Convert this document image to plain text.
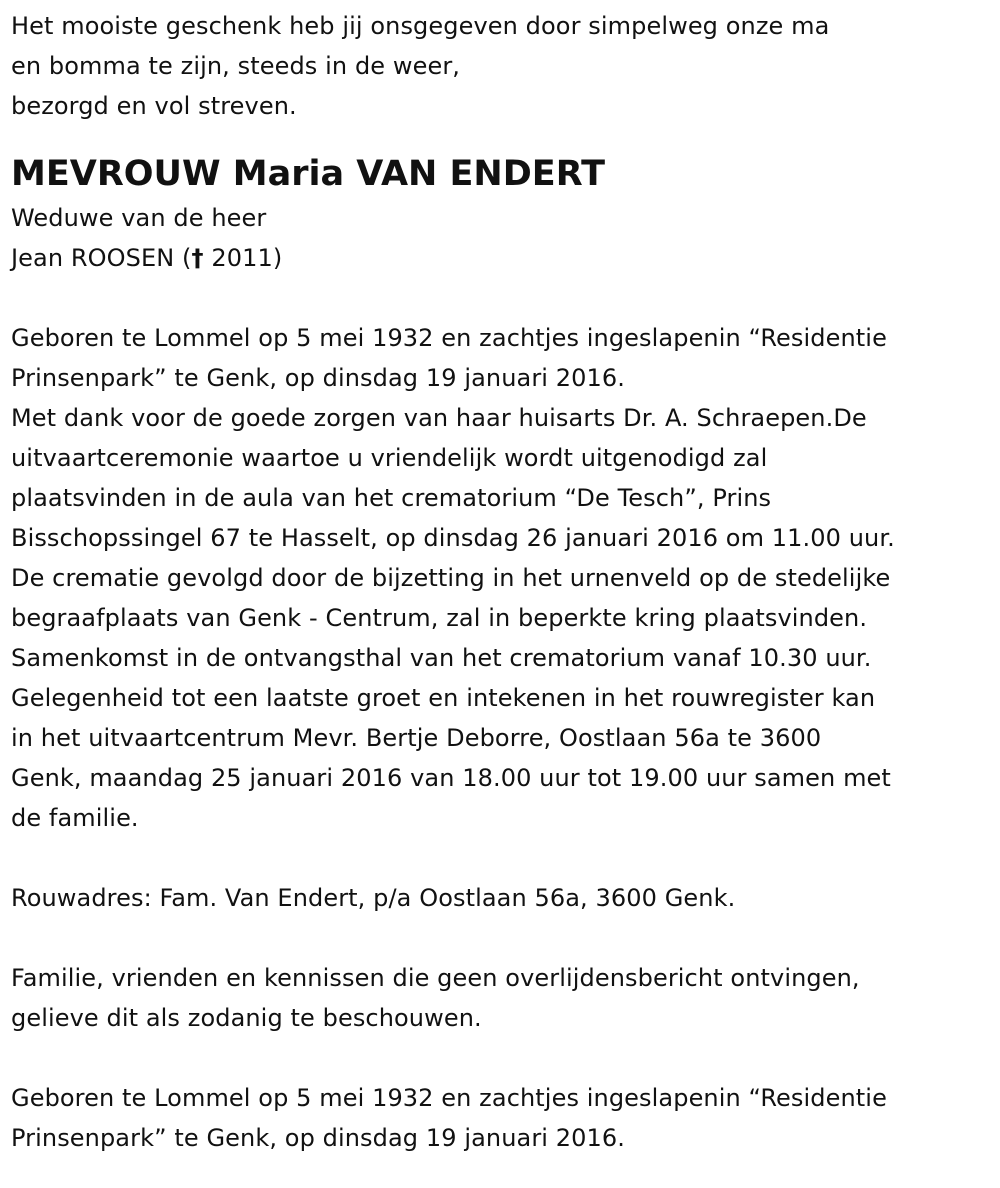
Het mooiste geschenk heb jij onsgegeven door simpelweg onze ma
en bomma te zijn, steeds in de weer,
bezorgd en vol streven.
MEVROUW Maria VAN ENDERT
Weduwe van de heer
Jean ROOSEN († 2011)
Geboren te Lommel op 5 mei 1932 en zachtjes ingeslapenin “Residentie
Prinsenpark” te Genk, op dinsdag 19 januari 2016.
Met dank voor de goede zorgen van haar huisarts Dr. A. Schraepen.De
uitvaartceremonie waartoe u vriendelijk wordt uitgenodigd zal
plaatsvinden in de aula van het crematorium “De Tesch”, Prins
Bisschopssingel 67 te Hasselt, op dinsdag 26 januari 2016 om 11.00 uur.
De crematie gevolgd door de bijzetting in het urnenveld op de stedelijke
begraafplaats van Genk - Centrum, zal in beperkte kring plaatsvinden.
Samenkomst in de ontvangsthal van het crematorium vanaf 10.30 uur.
Gelegenheid tot een laatste groet en intekenen in het rouwregister kan
in het uitvaartcentrum Mevr. Bertje Deborre, Oostlaan 56a te 3600
Genk, maandag 25 januari 2016 van 18.00 uur tot 19.00 uur samen met
de familie.
Rouwadres: Fam. Van Endert, p/a Oostlaan 56a, 3600 Genk.
Familie, vrienden en kennissen die geen overlijdensbericht ontvingen,
gelieve dit als zodanig te beschouwen.
Geboren te Lommel op 5 mei 1932 en zachtjes ingeslapenin “Residentie
Prinsenpark” te Genk, op dinsdag 19 januari 2016.
